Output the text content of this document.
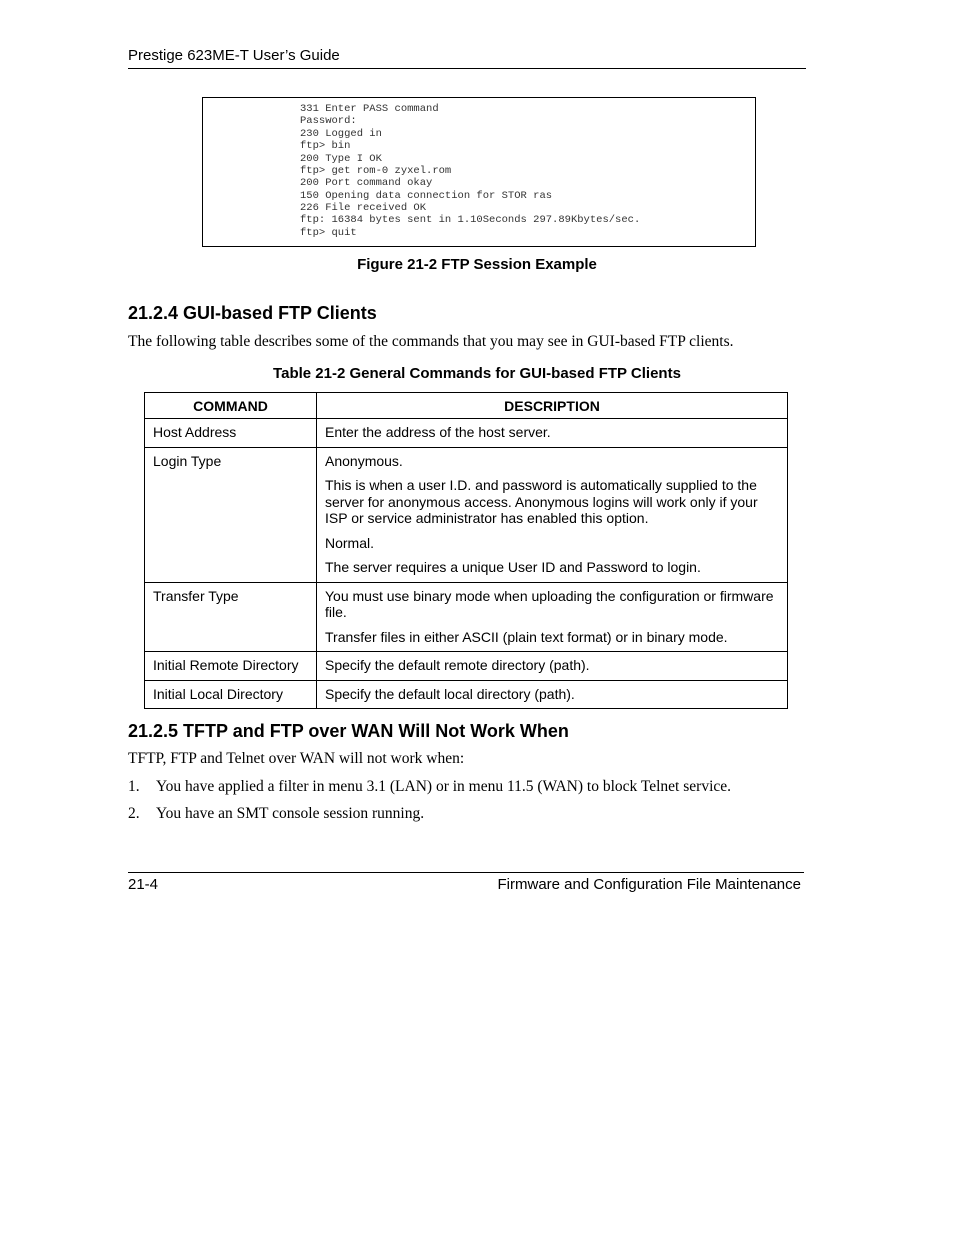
Prestige 623ME-T User’s Guide
331 Enter PASS command
Password:
230 Logged in
ftp> bin
200 Type I OK
ftp> get rom-0 zyxel.rom
200 Port command okay
150 Opening data connection for STOR ras
226 File received OK
ftp: 16384 bytes sent in 1.10Seconds 297.89Kbytes/sec.
ftp> quit
Figure 21-2 FTP Session Example
21.2.4 GUI-based FTP Clients
The following table describes some of the commands that you may see in GUI-based FTP clients.
Table 21-2 General Commands for GUI-based FTP Clients
COMMAND	DESCRIPTION
Host Address	Enter the address of the host server.

Login Type	Anonymous.

This is when a user I.D. and password is automatically supplied to the server for anonymous access. Anonymous logins will work only if your ISP or service administrator has enabled this option.

Normal.

The server requires a unique User ID and Password to login.

Transfer Type	You must use binary mode when uploading the configuration or firmware file.

Transfer files in either ASCII (plain text format) or in binary mode.

Initial Remote Directory	Specify the default remote directory (path).

Initial Local Directory	Specify the default local directory (path).

21.2.5 TFTP and FTP over WAN Will Not Work When
TFTP, FTP and Telnet over WAN will not work when:
1. You have applied a filter in menu 3.1 (LAN) or in menu 11.5 (WAN) to block Telnet service.
2. You have an SMT console session running.
21-4	Firmware and Configuration File Maintenance
